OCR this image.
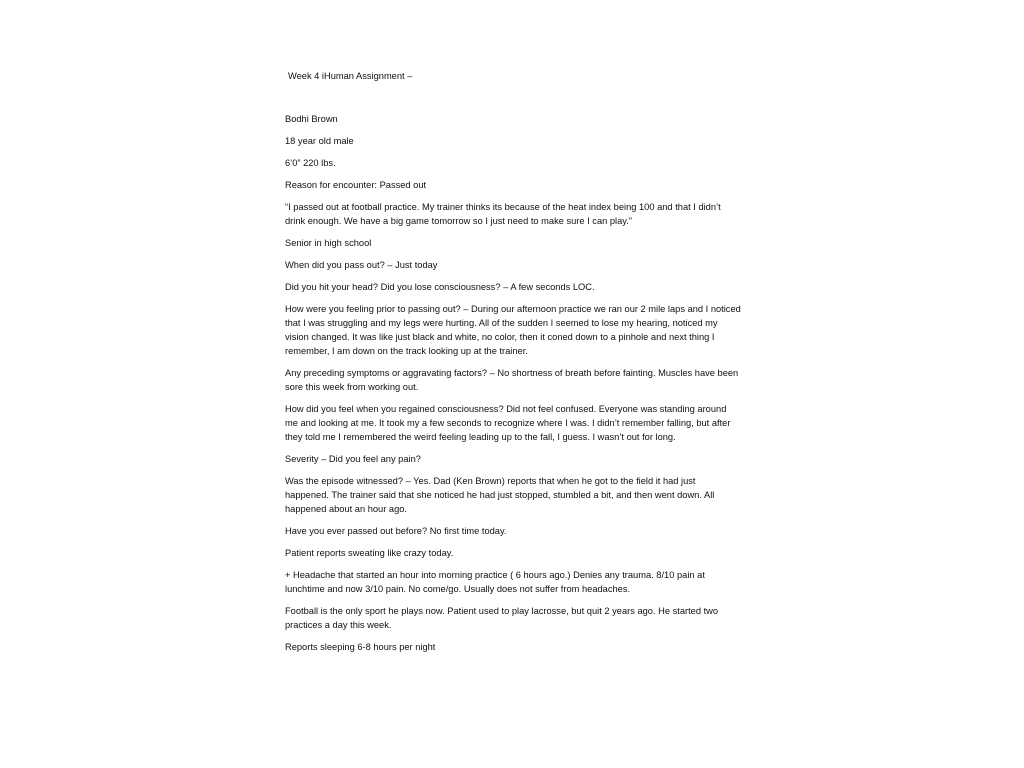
Week 4 iHuman Assignment –
Bodhi Brown
18 year old male
6’0” 220 lbs.
Reason for encounter: Passed out
“I passed out at football practice. My trainer thinks its because of the heat index being 100 and that I didn’t drink enough. We have a big game tomorrow so I just need to make sure I can play.”
Senior in high school
When did you pass out? – Just today
Did you hit your head? Did you lose consciousness? – A few seconds LOC.
How were you feeling prior to passing out? – During our afternoon practice we ran our 2 mile laps and I noticed that I was struggling and my legs were hurting. All of the sudden I seemed to lose my hearing, noticed my vision changed. It was like just black and white, no color, then it coned down to a pinhole and next thing I remember, I am down on the track looking up at the trainer.
Any preceding symptoms or aggravating factors? – No shortness of breath before fainting. Muscles have been sore this week from working out.
How did you feel when you regained consciousness? Did not feel confused. Everyone was standing around me and looking at me. It took my a few seconds to recognize where I was. I didn’t remember falling, but after they told me I remembered the weird feeling leading up to the fall, I guess. I wasn’t out for long.
Severity – Did you feel any pain?
Was the episode witnessed? – Yes. Dad (Ken Brown) reports that when he got to the field it had just happened. The trainer said that she noticed he had just stopped, stumbled a bit, and then went down. All happened about an hour ago.
Have you ever passed out before? No first time today.
Patient reports sweating like crazy today.
+ Headache that started an hour into morning practice ( 6 hours ago.) Denies any trauma. 8/10 pain at lunchtime and now 3/10 pain. No come/go. Usually does not suffer from headaches.
Football is the only sport he plays now. Patient used to play lacrosse, but quit 2 years ago. He started two practices a day this week.
Reports sleeping 6-8 hours per night
